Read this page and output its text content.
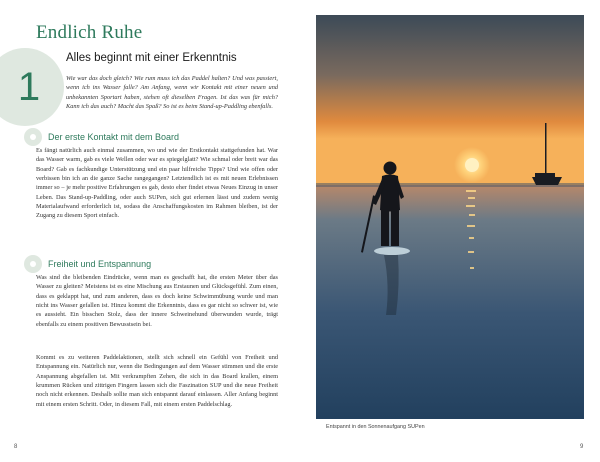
Endlich Ruhe
1
Alles beginnt mit einer Erkenntnis

Wie war das doch gleich? Wie rum muss ich das Paddel halten? Und was passiert, wenn ich ins Wasser falle? Am Anfang, wenn wir Kontakt mit einer neuen und unbekannten Sportart haben, stehen oft dieselben Fragen. Ist das was für mich? Kann ich das auch? Macht das Spaß? So ist es beim Stand-up-Paddling ebenfalls.

Der erste Kontakt mit dem Board

Es fängt natürlich auch einmal zusammen, wo und wie der Erstkontakt stattgefunden hat. War das Wasser warm, gab es viele Wellen oder war es spiegelglatt? Wie schmal oder breit war das Board? Gab es fachkundige Unterstützung und ein paar hilfreiche Tipps? Und wie offen oder verbissen bin ich an die ganze Sache rangegangen? Letztendlich ist es mit neuen Erlebnissen immer so – je mehr positive Erfahrungen es gab, desto eher findet etwas Neues Einzug in unser Leben. Das Stand-up-Paddling, oder auch SUPen, sich gut erlernen lässt und zudem wenig Materialaufwand erforderlich ist, sodass die Anschaffungskosten im Rahmen bleiben, ist der Zugang zu diesem Sport einfach.

Freiheit und Entspannung

Was sind die bleibenden Eindrücke, wenn man es geschafft hat, die ersten Meter über das Wasser zu gleiten? Meistens ist es eine Mischung aus Erstaunen und Glücksgefühl. Zum einen, dass es geklappt hat, und zum anderen, dass es doch keine Schwimmübung wurde und man nicht ins Wasser gefallen ist. Hinzu kommt die Erkenntnis, dass es gar nicht so schwer ist, wie es aussieht. Ein bisschen Stolz, dass der innere Schweinehund überwunden wurde, trägt ebenfalls zu einem positiven Bewusstsein bei.

Kommt es zu weiteren Paddelaktionen, stellt sich schnell ein Gefühl von Freiheit und Entspannung ein. Natürlich nur, wenn die Bedingungen auf dem Wasser stimmen und die erste Anspannung abgefallen ist. Mit verkrampften Zehen, die sich in das Board krallen, einem krummen Rücken und zittrigen Fingern lassen sich die Faszination SUP und die neue Freiheit noch nicht erkennen. Deshalb sollte man sich entspannt darauf einlassen. Aller Anfang beginnt mit einem ersten Schritt. Oder, in diesem Fall, mit einem ersten Paddelschlag.

8
Entspannt in den Sonnenaufgang SUPen
9
